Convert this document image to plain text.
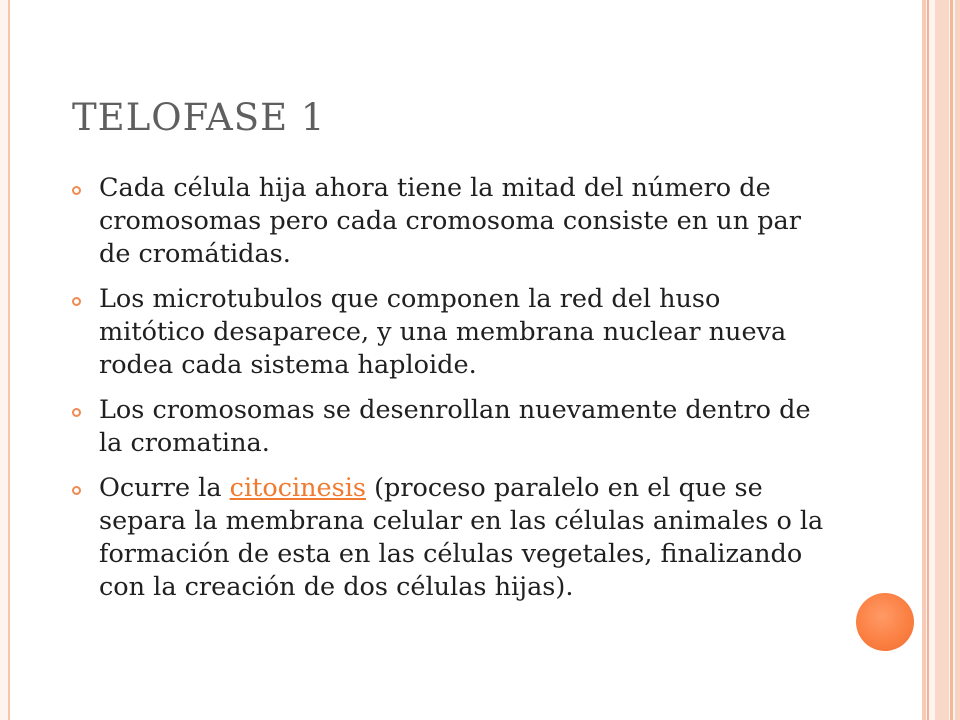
TELOFASE 1
Cada célula hija ahora tiene la mitad del número de cromosomas pero cada cromosoma consiste en un par de cromátidas.
Los microtubulos que componen la red del huso mitótico desaparece, y una membrana nuclear nueva rodea cada sistema haploide.
Los cromosomas se desenrollan nuevamente dentro de la cromatina.
Ocurre la citocinesis (proceso paralelo en el que se separa la membrana celular en las células animales o la formación de esta en las células vegetales, finalizando con la creación de dos células hijas).
